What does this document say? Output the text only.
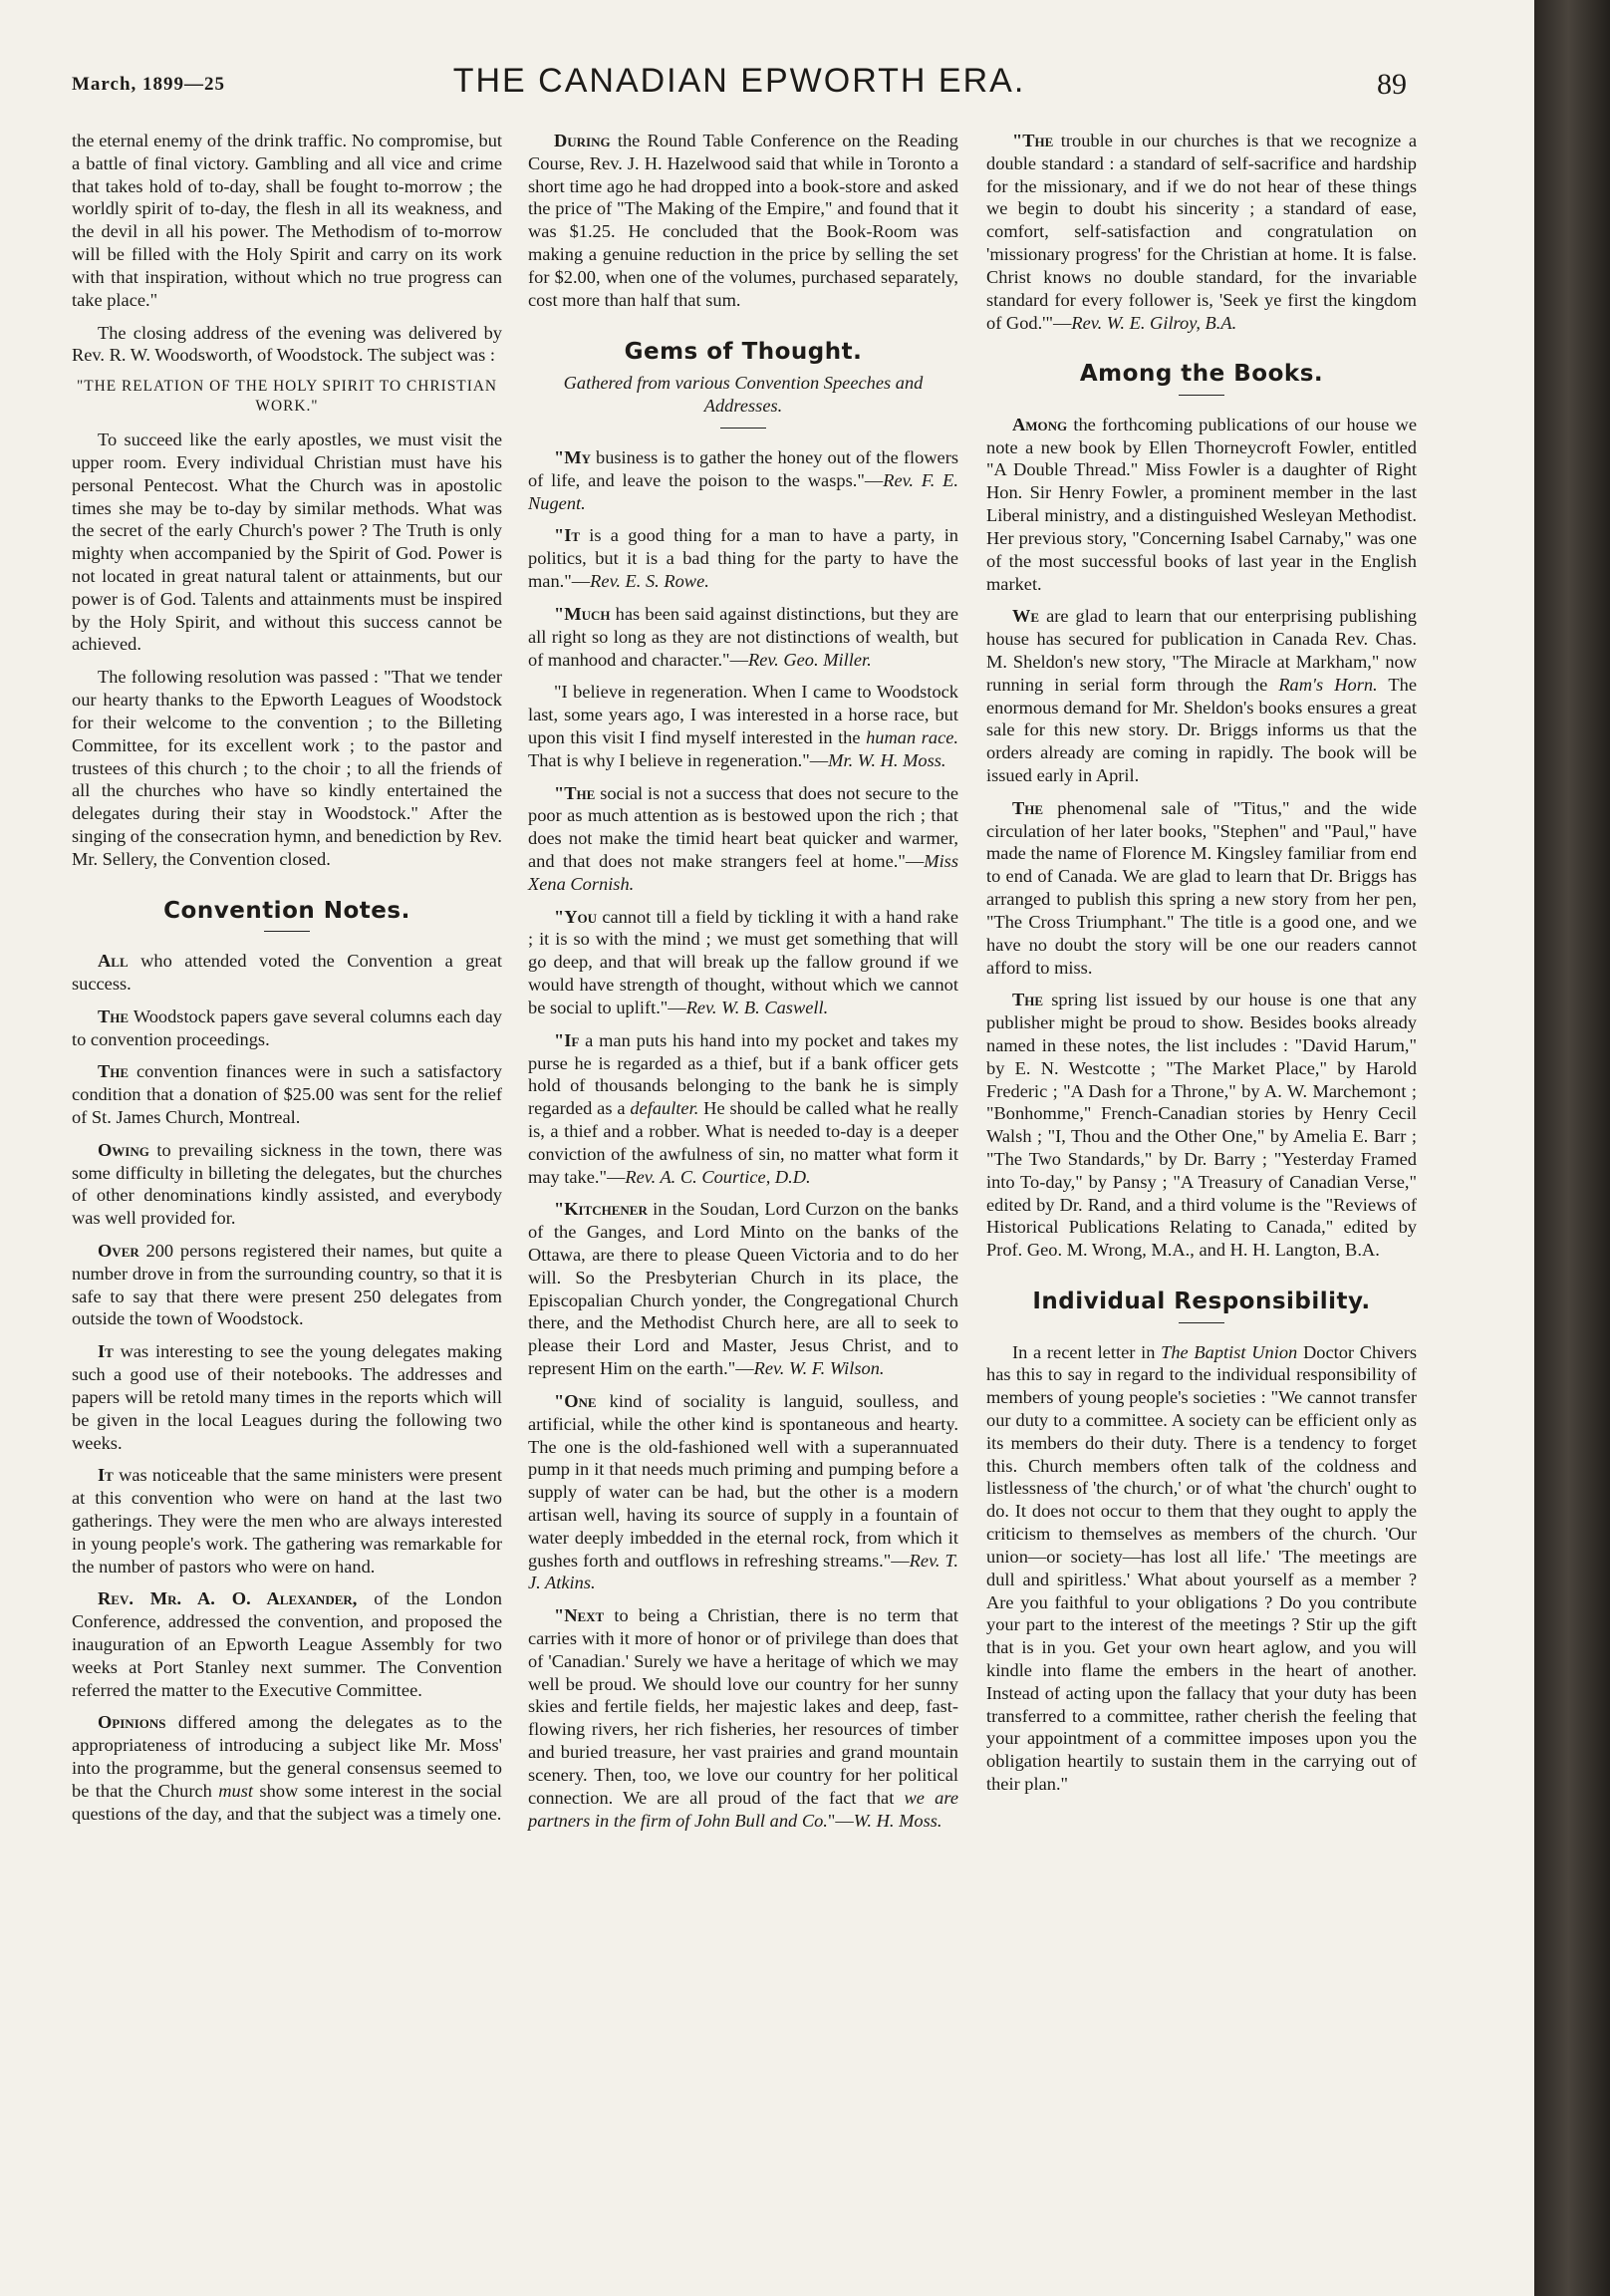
March, 1899—25	THE CANADIAN EPWORTH ERA.	89

the eternal enemy of the drink traffic. No compromise, but a battle of final victory. Gambling and all vice and crime that takes hold of to-day, shall be fought to-morrow ; the worldly spirit of to-day, the flesh in all its weakness, and the devil in all his power. The Methodism of to-morrow will be filled with the Holy Spirit and carry on its work with that inspiration, without which no true progress can take place."

The closing address of the evening was delivered by Rev. R. W. Woodsworth, of Woodstock. The subject was :

"THE RELATION OF THE HOLY SPIRIT TO CHRISTIAN WORK."

To succeed like the early apostles, we must visit the upper room. Every individual Christian must have his personal Pentecost. What the Church was in apostolic times she may be to-day by similar methods. What was the secret of the early Church's power ? The Truth is only mighty when accompanied by the Spirit of God. Power is not located in great natural talent or attainments, but our power is of God. Talents and attainments must be inspired by the Holy Spirit, and without this success cannot be achieved.

The following resolution was passed : "That we tender our hearty thanks to the Epworth Leagues of Woodstock for their welcome to the convention ; to the Billeting Committee, for its excellent work ; to the pastor and trustees of this church ; to the choir ; to all the friends of all the churches who have so kindly entertained the delegates during their stay in Woodstock." After the singing of the consecration hymn, and benediction by Rev. Mr. Sellery, the Convention closed.

Convention Notes.

All who attended voted the Convention a great success.

The Woodstock papers gave several columns each day to convention proceedings.

The convention finances were in such a satisfactory condition that a donation of $25.00 was sent for the relief of St. James Church, Montreal.

Owing to prevailing sickness in the town, there was some difficulty in billeting the delegates, but the churches of other denominations kindly assisted, and everybody was well provided for.

Over 200 persons registered their names, but quite a number drove in from the surrounding country, so that it is safe to say that there were present 250 delegates from outside the town of Woodstock.

It was interesting to see the young delegates making such a good use of their notebooks. The addresses and papers will be retold many times in the reports which will be given in the local Leagues during the following two weeks.

It was noticeable that the same ministers were present at this convention who were on hand at the last two gatherings. They were the men who are always interested in young people's work. The gathering was remarkable for the number of pastors who were on hand.

Rev. Mr. A. O. Alexander, of the London Conference, addressed the convention, and proposed the inauguration of an Epworth League Assembly for two weeks at Port Stanley next summer. The Convention referred the matter to the Executive Committee.

Opinions differed among the delegates as to the appropriateness of introducing a subject like Mr. Moss' into the programme, but the general consensus seemed to be that the Church must show some interest in the social questions of the day, and that the subject was a timely one.

During the Round Table Conference on the Reading Course, Rev. J. H. Hazelwood said that while in Toronto a short time ago he had dropped into a book-store and asked the price of "The Making of the Empire," and found that it was $1.25. He concluded that the Book-Room was making a genuine reduction in the price by selling the set for $2.00, when one of the volumes, purchased separately, cost more than half that sum.

Gems of Thought.
Gathered from various Convention Speeches and Addresses.

"My business is to gather the honey out of the flowers of life, and leave the poison to the wasps."—Rev. F. E. Nugent.

"It is a good thing for a man to have a party, in politics, but it is a bad thing for the party to have the man."—Rev. E. S. Rowe.

"Much has been said against distinctions, but they are all right so long as they are not distinctions of wealth, but of manhood and character."—Rev. Geo. Miller.

"I believe in regeneration. When I came to Woodstock last, some years ago, I was interested in a horse race, but upon this visit I find myself interested in the human race. That is why I believe in regeneration."—Mr. W. H. Moss.

"The social is not a success that does not secure to the poor as much attention as is bestowed upon the rich ; that does not make the timid heart beat quicker and warmer, and that does not make strangers feel at home."—Miss Xena Cornish.

"You cannot till a field by tickling it with a hand rake ; it is so with the mind ; we must get something that will go deep, and that will break up the fallow ground if we would have strength of thought, without which we cannot be social to uplift."—Rev. W. B. Caswell.

"If a man puts his hand into my pocket and takes my purse he is regarded as a thief, but if a bank officer gets hold of thousands belonging to the bank he is simply regarded as a defaulter. He should be called what he really is, a thief and a robber. What is needed to-day is a deeper conviction of the awfulness of sin, no matter what form it may take."—Rev. A. C. Courtice, D.D.

"Kitchener in the Soudan, Lord Curzon on the banks of the Ganges, and Lord Minto on the banks of the Ottawa, are there to please Queen Victoria and to do her will. So the Presbyterian Church in its place, the Episcopalian Church yonder, the Congregational Church there, and the Methodist Church here, are all to seek to please their Lord and Master, Jesus Christ, and to represent Him on the earth."—Rev. W. F. Wilson.

"One kind of sociality is languid, soulless, and artificial, while the other kind is spontaneous and hearty. The one is the old-fashioned well with a superannuated pump in it that needs much priming and pumping before a supply of water can be had, but the other is a modern artisan well, having its source of supply in a fountain of water deeply imbedded in the eternal rock, from which it gushes forth and outflows in refreshing streams."—Rev. T. J. Atkins.

"Next to being a Christian, there is no term that carries with it more of honor or of privilege than does that of 'Canadian.' Surely we have a heritage of which we may well be proud. We should love our country for her sunny skies and fertile fields, her majestic lakes and deep, fast-flowing rivers, her rich fisheries, her resources of timber and buried treasure, her vast prairies and grand mountain scenery. Then, too, we love our country for her political connection. We are all proud of the fact that we are partners in the firm of John Bull and Co."—W. H. Moss.

"The trouble in our churches is that we recognize a double standard : a standard of self-sacrifice and hardship for the missionary, and if we do not hear of these things we begin to doubt his sincerity ; a standard of ease, comfort, self-satisfaction and congratulation on 'missionary progress' for the Christian at home. It is false. Christ knows no double standard, for the invariable standard for every follower is, 'Seek ye first the kingdom of God.'"—Rev. W. E. Gilroy, B.A.

Among the Books.

Among the forthcoming publications of our house we note a new book by Ellen Thorneycroft Fowler, entitled "A Double Thread." Miss Fowler is a daughter of Right Hon. Sir Henry Fowler, a prominent member in the last Liberal ministry, and a distinguished Wesleyan Methodist. Her previous story, "Concerning Isabel Carnaby," was one of the most successful books of last year in the English market.

We are glad to learn that our enterprising publishing house has secured for publication in Canada Rev. Chas. M. Sheldon's new story, "The Miracle at Markham," now running in serial form through the Ram's Horn. The enormous demand for Mr. Sheldon's books ensures a great sale for this new story. Dr. Briggs informs us that the orders already are coming in rapidly. The book will be issued early in April.

The phenomenal sale of "Titus," and the wide circulation of her later books, "Stephen" and "Paul," have made the name of Florence M. Kingsley familiar from end to end of Canada. We are glad to learn that Dr. Briggs has arranged to publish this spring a new story from her pen, "The Cross Triumphant." The title is a good one, and we have no doubt the story will be one our readers cannot afford to miss.

The spring list issued by our house is one that any publisher might be proud to show. Besides books already named in these notes, the list includes : "David Harum," by E. N. Westcotte ; "The Market Place," by Harold Frederic ; "A Dash for a Throne," by A. W. Marchemont ; "Bonhomme," French-Canadian stories by Henry Cecil Walsh ; "I, Thou and the Other One," by Amelia E. Barr ; "The Two Standards," by Dr. Barry ; "Yesterday Framed into To-day," by Pansy ; "A Treasury of Canadian Verse," edited by Dr. Rand, and a third volume is the "Reviews of Historical Publications Relating to Canada," edited by Prof. Geo. M. Wrong, M.A., and H. H. Langton, B.A.

Individual Responsibility.

In a recent letter in The Baptist Union Doctor Chivers has this to say in regard to the individual responsibility of members of young people's societies : "We cannot transfer our duty to a committee. A society can be efficient only as its members do their duty. There is a tendency to forget this. Church members often talk of the coldness and listlessness of 'the church,' or of what 'the church' ought to do. It does not occur to them that they ought to apply the criticism to themselves as members of the church. 'Our union—or society—has lost all life.' 'The meetings are dull and spiritless.' What about yourself as a member ? Are you faithful to your obligations ? Do you contribute your part to the interest of the meetings ? Stir up the gift that is in you. Get your own heart aglow, and you will kindle into flame the embers in the heart of another. Instead of acting upon the fallacy that your duty has been transferred to a committee, rather cherish the feeling that your appointment of a committee imposes upon you the obligation heartily to sustain them in the carrying out of their plan."
